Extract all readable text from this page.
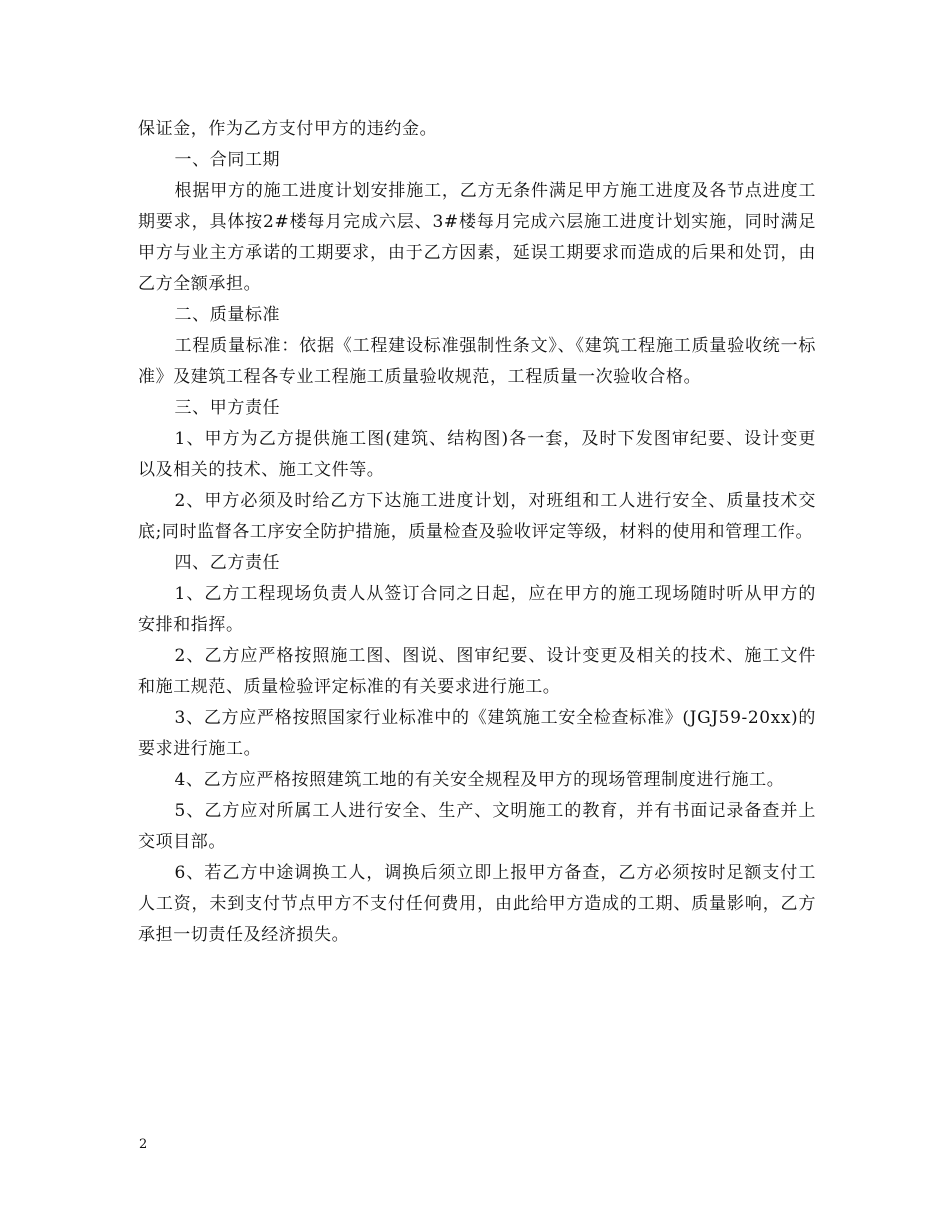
保证金，作为乙方支付甲方的违约金。

一、合同工期

根据甲方的施工进度计划安排施工，乙方无条件满足甲方施工进度及各节点进度工期要求，具体按2#楼每月完成六层、3#楼每月完成六层施工进度计划实施，同时满足甲方与业主方承诺的工期要求，由于乙方因素，延误工期要求而造成的后果和处罚，由乙方全额承担。

二、质量标准

工程质量标准：依据《工程建设标准强制性条文》、《建筑工程施工质量验收统一标准》及建筑工程各专业工程施工质量验收规范，工程质量一次验收合格。

三、甲方责任

1、甲方为乙方提供施工图(建筑、结构图)各一套，及时下发图审纪要、设计变更以及相关的技术、施工文件等。

2、甲方必须及时给乙方下达施工进度计划，对班组和工人进行安全、质量技术交底;同时监督各工序安全防护措施，质量检查及验收评定等级，材料的使用和管理工作。

四、乙方责任

1、乙方工程现场负责人从签订合同之日起，应在甲方的施工现场随时听从甲方的安排和指挥。

2、乙方应严格按照施工图、图说、图审纪要、设计变更及相关的技术、施工文件和施工规范、质量检验评定标准的有关要求进行施工。

3、乙方应严格按照国家行业标准中的《建筑施工安全检查标准》(JGJ59-20xx)的要求进行施工。

4、乙方应严格按照建筑工地的有关安全规程及甲方的现场管理制度进行施工。

5、乙方应对所属工人进行安全、生产、文明施工的教育，并有书面记录备查并上交项目部。

6、若乙方中途调换工人，调换后须立即上报甲方备查，乙方必须按时足额支付工人工资，未到支付节点甲方不支付任何费用，由此给甲方造成的工期、质量影响，乙方承担一切责任及经济损失。

2
